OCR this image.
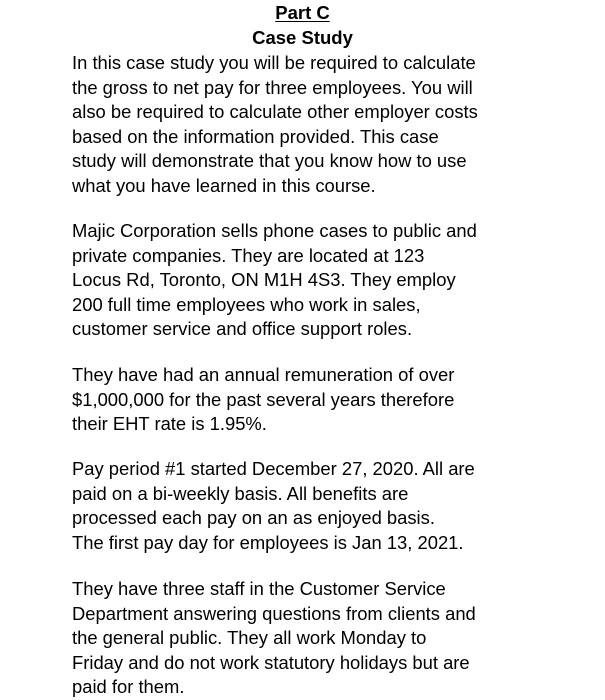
Part C
Case Study

In this case study you will be required to calculate
the gross to net pay for three employees. You will
also be required to calculate other employer costs
based on the information provided. This case
study will demonstrate that you know how to use
what you have learned in this course.

Majic Corporation sells phone cases to public and
private companies. They are located at 123
Locus Rd, Toronto, ON M1H 4S3. They employ
200 full time employees who work in sales,
customer service and office support roles.

They have had an annual remuneration of over
$1,000,000 for the past several years therefore
their EHT rate is 1.95%.

Pay period #1 started December 27, 2020. All are
paid on a bi-weekly basis. All benefits are
processed each pay on an as enjoyed basis.
The first pay day for employees is Jan 13, 2021.

They have three staff in the Customer Service
Department answering questions from clients and
the general public. They all work Monday to
Friday and do not work statutory holidays but are
paid for them.
